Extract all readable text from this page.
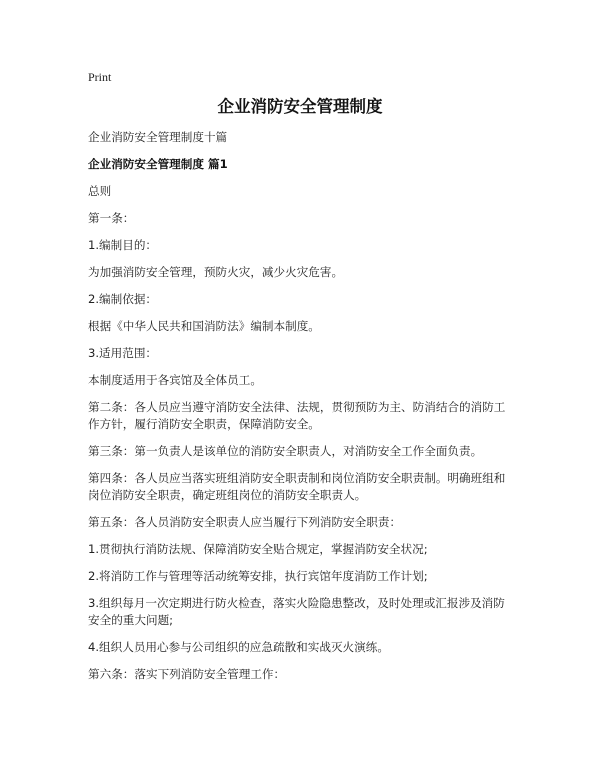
Print
企业消防安全管理制度
企业消防安全管理制度十篇
企业消防安全管理制度 篇1
总则
第一条：
1.编制目的：
为加强消防安全管理，预防火灾，减少火灾危害。
2.编制依据：
根据《中华人民共和国消防法》编制本制度。
3.适用范围：
本制度适用于各宾馆及全体员工。
第二条：各人员应当遵守消防安全法律、法规，贯彻预防为主、防消结合的消防工作方针，履行消防安全职责，保障消防安全。
第三条：第一负责人是该单位的消防安全职责人，对消防安全工作全面负责。
第四条：各人员应当落实班组消防安全职责制和岗位消防安全职责制。明确班组和岗位消防安全职责，确定班组岗位的消防安全职责人。
第五条：各人员消防安全职责人应当履行下列消防安全职责：
1.贯彻执行消防法规、保障消防安全贴合规定，掌握消防安全状况;
2.将消防工作与管理等活动统筹安排，执行宾馆年度消防工作计划;
3.组织每月一次定期进行防火检查，落实火险隐患整改，及时处理或汇报涉及消防安全的重大问题;
4.组织人员用心参与公司组织的应急疏散和实战灭火演练。
第六条：落实下列消防安全管理工作：
